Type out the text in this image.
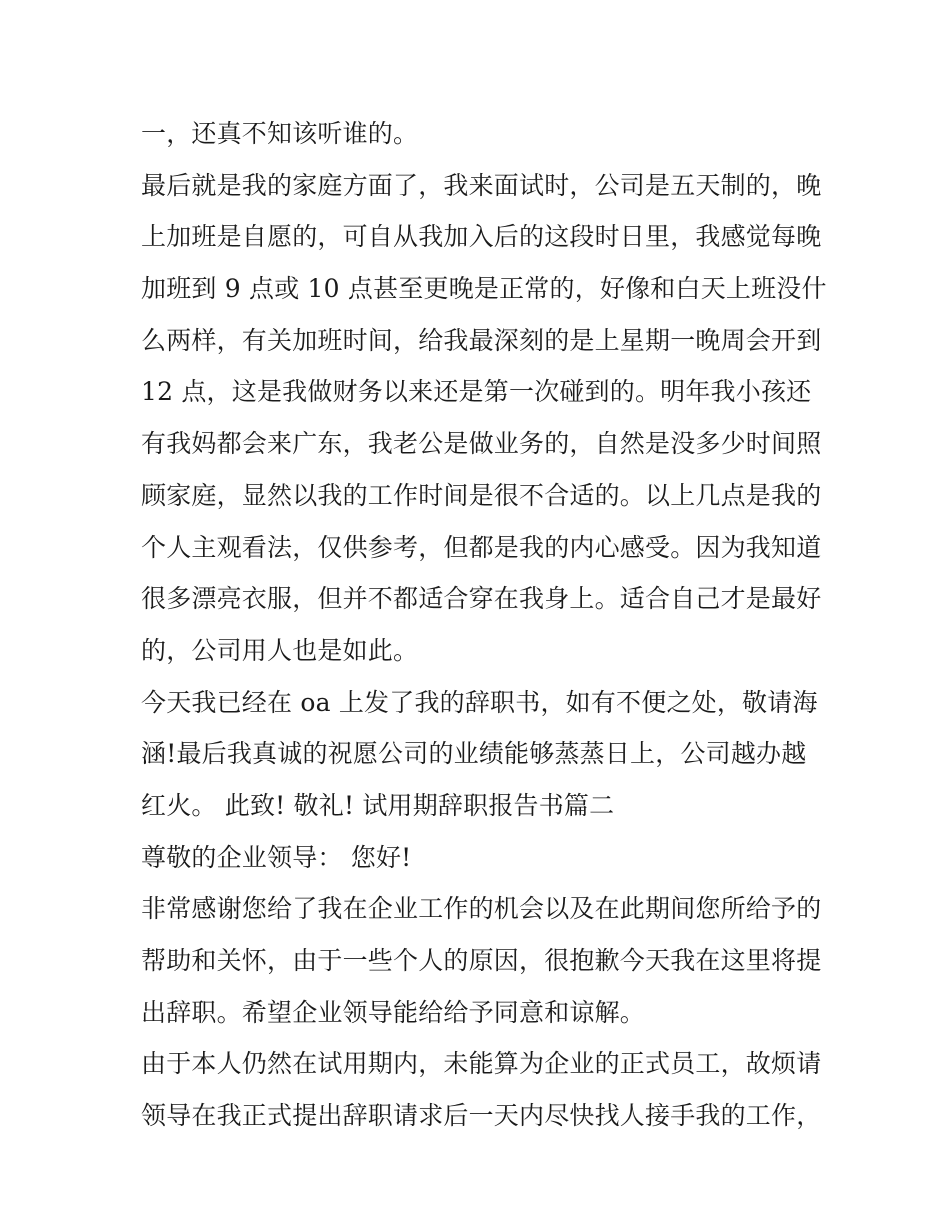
一，还真不知该听谁的。
最后就是我的家庭方面了，我来面试时，公司是五天制的，晚
上加班是自愿的，可自从我加入后的这段时日里，我感觉每晚
加班到 9 点或 10 点甚至更晚是正常的，好像和白天上班没什
么两样，有关加班时间，给我最深刻的是上星期一晚周会开到
12 点，这是我做财务以来还是第一次碰到的。明年我小孩还
有我妈都会来广东，我老公是做业务的，自然是没多少时间照
顾家庭，显然以我的工作时间是很不合适的。以上几点是我的
个人主观看法，仅供参考，但都是我的内心感受。因为我知道
很多漂亮衣服，但并不都适合穿在我身上。适合自己才是最好
的，公司用人也是如此。
今天我已经在 oa 上发了我的辞职书，如有不便之处，敬请海
涵!最后我真诚的祝愿公司的业绩能够蒸蒸日上，公司越办越
红火。 此致! 敬礼! 试用期辞职报告书篇二
尊敬的企业领导： 您好!
非常感谢您给了我在企业工作的机会以及在此期间您所给予的
帮助和关怀，由于一些个人的原因，很抱歉今天我在这里将提
出辞职。希望企业领导能给给予同意和谅解。
由于本人仍然在试用期内，未能算为企业的正式员工，故烦请
领导在我正式提出辞职请求后一天内尽快找人接手我的工作，
